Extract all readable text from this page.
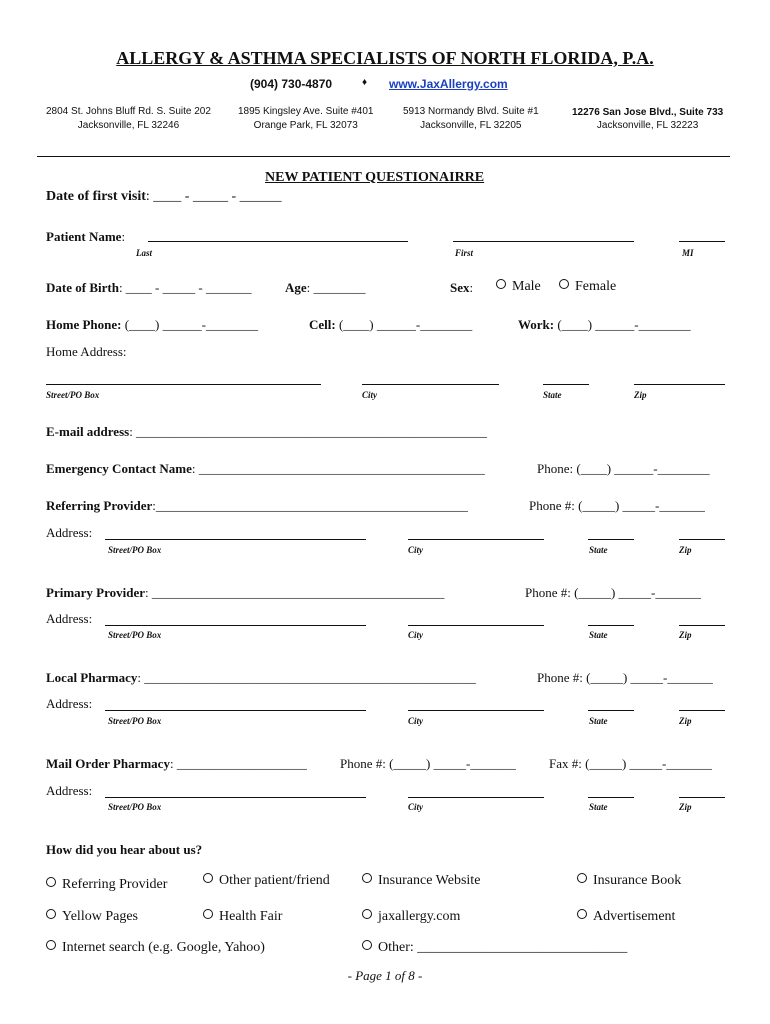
ALLERGY & ASTHMA SPECIALISTS OF NORTH FLORIDA, P.A.
(904) 730-4870	♦ www.JaxAllergy.com
2804 St. Johns Bluff Rd. S. Suite 202
Jacksonville, FL 32246
1895 Kingsley Ave. Suite #401
Orange Park, FL 32073
5913 Normandy Blvd. Suite #1
Jacksonville, FL 32205
12276 San Jose Blvd., Suite 733
Jacksonville, FL 32223
NEW PATIENT QUESTIONAIRRE
Date of first visit: ____ - _____ - ______
Patient Name:
Last	First	MI
Date of Birth: ____ - _____ - _______	Age: ________	Sex:	Male	Female
Home Phone: (____) ______-________	Cell: (____) ______-________	Work: (____) ______-________
Home Address:
Street/PO Box	City	State	Zip
E-mail address: ______________________________________________________
Emergency Contact Name: ____________________________________________	Phone: (____) ______-________
Referring Provider:________________________________________________	Phone #: (_____) _____-_______
Address:
Street/PO Box	City	State	Zip
Primary Provider: _____________________________________________	Phone #: (_____) _____-_______
Address:
Street/PO Box	City	State	Zip
Local Pharmacy: ___________________________________________________	Phone #: (_____) _____-_______
Address:
Street/PO Box	City	State	Zip
Mail Order Pharmacy: ____________________	Phone #: (_____) _____-_______	Fax #: (_____) _____-_______
Address:
Street/PO Box	City	State	Zip
How did you hear about us?
Referring Provider	Other patient/friend	Insurance Website	Insurance Book
Yellow Pages	Health Fair	jaxallergy.com	Advertisement
Internet search (e.g. Google, Yahoo)	Other: ______________________________
- Page 1 of 8 -
